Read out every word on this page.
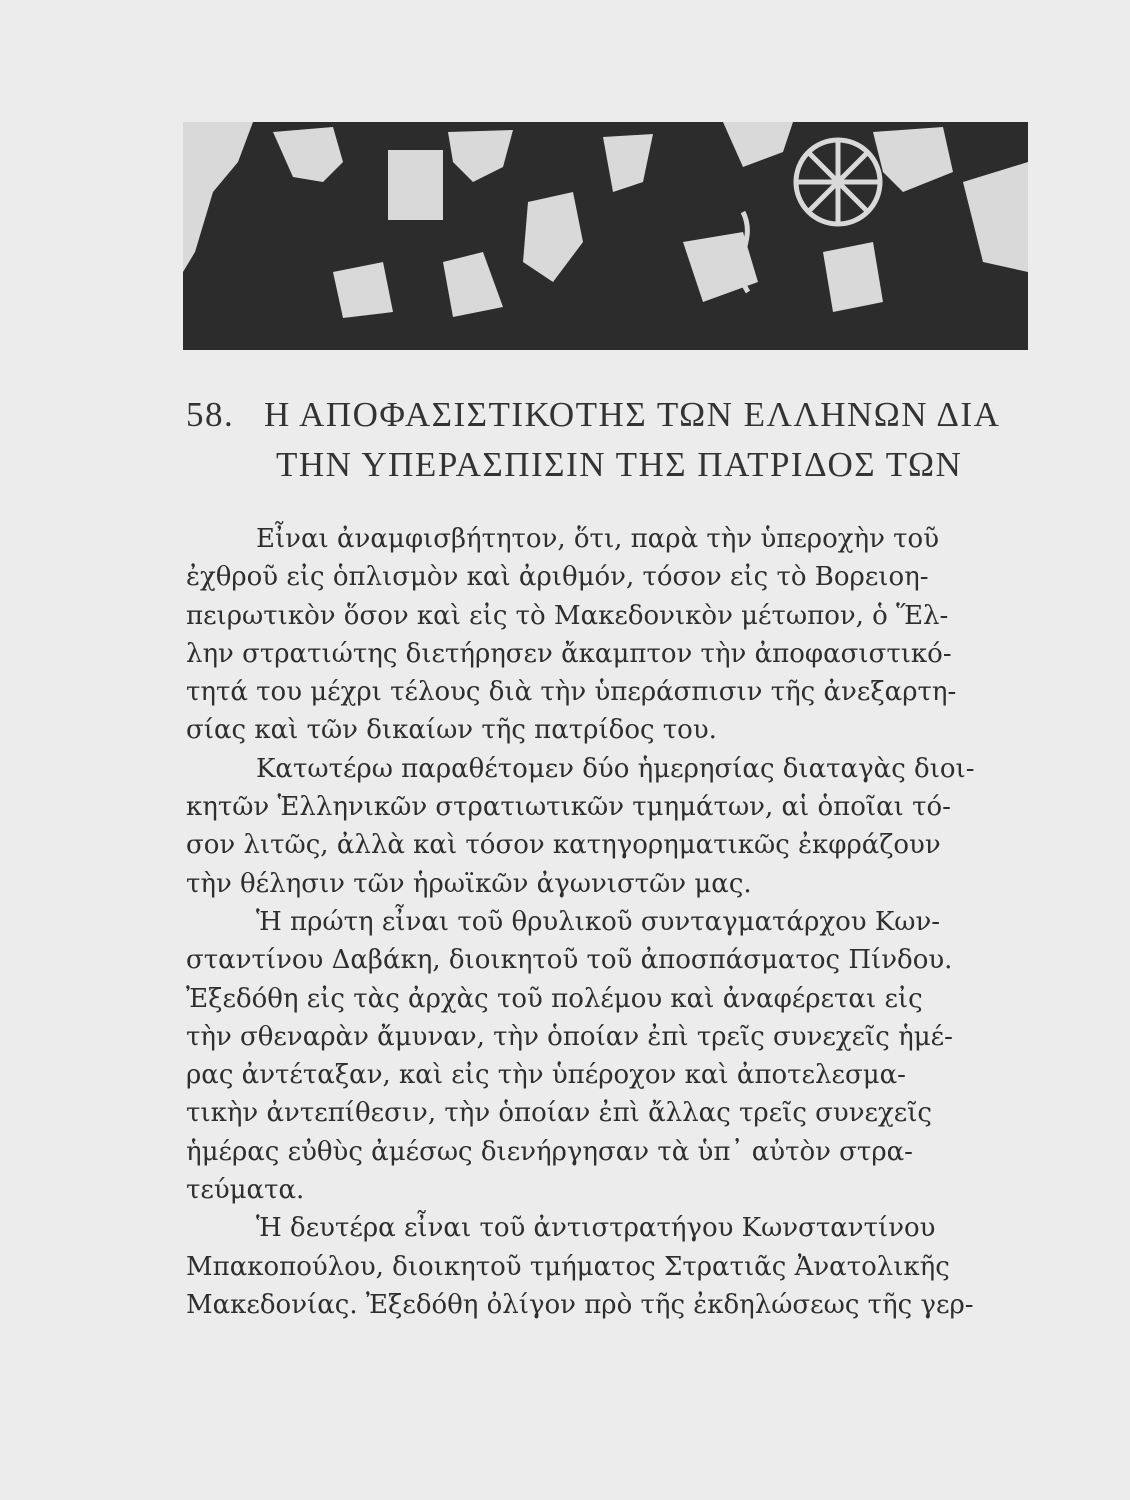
58. Η ΑΠΟΦΑΣΙΣΤΙΚΟΤΗΣ ΤΩΝ ΕΛΛΗΝΩΝ ΔΙΑ
ΤΗΝ ΥΠΕΡΑΣΠΙΣΙΝ ΤΗΣ ΠΑΤΡΙΔΟΣ ΤΩΝ

Εἶναι ἀναμφισβήτητον, ὅτι, παρὰ τὴν ὑπεροχὴν τοῦ
ἐχθροῦ εἰς ὁπλισμὸν καὶ ἀριθμόν, τόσον εἰς τὸ Βορειοη-
πειρωτικὸν ὅσον καὶ εἰς τὸ Μακεδονικὸν μέτωπον, ὁ Ἕλ-
λην στρατιώτης διετήρησεν ἄκαμπτον τὴν ἀποφασιστικό-
τητά του μέχρι τέλους διὰ τὴν ὑπεράσπισιν τῆς ἀνεξαρτη-
σίας καὶ τῶν δικαίων τῆς πατρίδος του.

Κατωτέρω παραθέτομεν δύο ἡμερησίας διαταγὰς διοι-
κητῶν Ἑλληνικῶν στρατιωτικῶν τμημάτων, αἱ ὁποῖαι τό-
σον λιτῶς, ἀλλὰ καὶ τόσον κατηγορηματικῶς ἐκφράζουν
τὴν θέλησιν τῶν ἡρωϊκῶν ἀγωνιστῶν μας.

Ἡ πρώτη εἶναι τοῦ θρυλικοῦ συνταγματάρχου Κων-
σταντίνου Δαβάκη, διοικητοῦ τοῦ ἀποσπάσματος Πίνδου.
Ἐξεδόθη εἰς τὰς ἀρχὰς τοῦ πολέμου καὶ ἀναφέρεται εἰς
τὴν σθεναρὰν ἄμυναν, τὴν ὁποίαν ἐπὶ τρεῖς συνεχεῖς ἡμέ-
ρας ἀντέταξαν, καὶ εἰς τὴν ὑπέροχον καὶ ἀποτελεσμα-
τικὴν ἀντεπίθεσιν, τὴν ὁποίαν ἐπὶ ἄλλας τρεῖς συνεχεῖς
ἡμέρας εὐθὺς ἀμέσως διενήργησαν τὰ ὑπ᾽ αὐτὸν στρα-
τεύματα.

Ἡ δευτέρα εἶναι τοῦ ἀντιστρατήγου Κωνσταντίνου
Μπακοπούλου, διοικητοῦ τμήματος Στρατιᾶς Ἀνατολικῆς
Μακεδονίας. Ἐξεδόθη ὀλίγον πρὸ τῆς ἐκδηλώσεως τῆς γερ-
